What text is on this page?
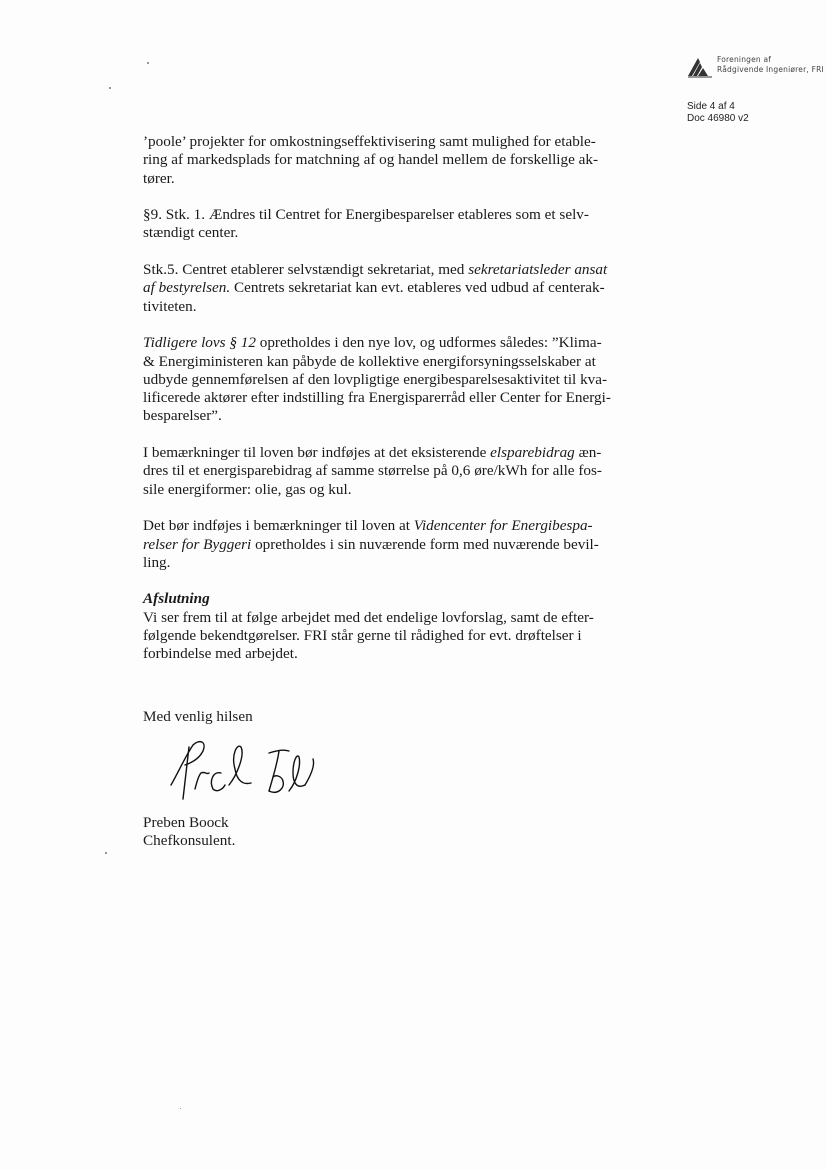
Foreningen af
Rådgivende Ingeniører, FRI
Side 4 af 4
Doc 46980 v2
’poole’ projekter for omkostningseffektivisering samt mulighed for etable-
ring af markedsplads for matchning af og handel mellem de forskellige ak-
tører.
§9. Stk. 1. Ændres til Centret for Energibesparelser etableres som et selv-
stændigt center.
Stk.5. Centret etablerer selvstændigt sekretariat, med sekretariatsleder ansat
af bestyrelsen. Centrets sekretariat kan evt. etableres ved udbud af centerak-
tiviteten.
Tidligere lovs § 12 opretholdes i den nye lov, og udformes således: ”Klima-
& Energiministeren kan påbyde de kollektive energiforsyningsselskaber at
udbyde gennemførelsen af den lovpligtige energibesparelsesaktivitet til kva-
lificerede aktører efter indstilling fra Energisparerråd eller Center for Energi-
besparelser”.
I bemærkninger til loven bør indføjes at det eksisterende elsparebidrag æn-
dres til et energisparebidrag af samme størrelse på 0,6 øre/kWh for alle fos-
sile energiformer: olie, gas og kul.
Det bør indføjes i bemærkninger til loven at Videncenter for Energibespa-
relser for Byggeri opretholdes i sin nuværende form med nuværende bevil-
ling.
Afslutning
Vi ser frem til at følge arbejdet med det endelige lovforslag, samt de efter-
følgende bekendtgørelser. FRI står gerne til rådighed for evt. drøftelser i
forbindelse med arbejdet.
Med venlig hilsen
Preben Boock
Chefkonsulent.
